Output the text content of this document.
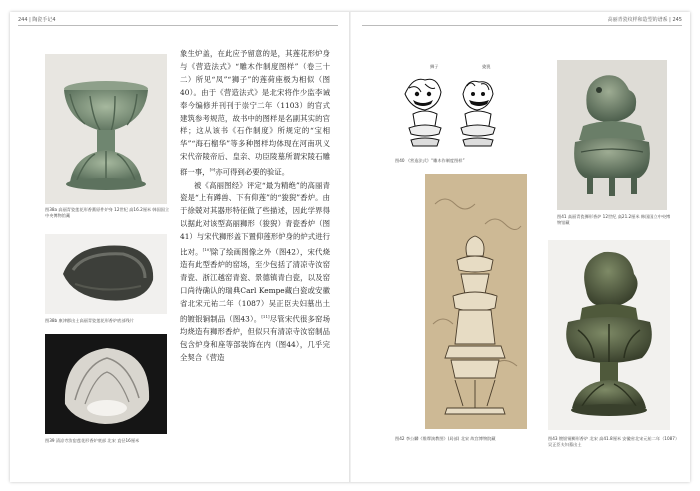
244 | 陶瓷手记4	高丽青瓷纹样和造型的谱系 | 245
图38a 高丽青瓷莲花形香薰原件炉身 12世纪 高16.2厘米 韩国国立中央博物馆藏
图38b 康津郡出土高丽青瓷莲花形香炉底部残片
图39 清凉寺汝窑莲花形香炉底部 北宋 直径16厘米

象生炉盖，在此应予留意的是，其莲花形炉身与《营造法式》“雕木作制度图样”（卷三十二）所见“凤”“狮子”的莲荷座极为相似（图40）。由于《营造法式》是北宋将作少监李诫奉今编修并刊刊于崇宁二年（1103）的官式建筑参考规范，故书中的图样是名副其实的官样；这从该书《石作制度》所规定的“宝相华”“海石榴华”等多种图样均体现在河南巩义宋代帝陵帝后、皇亲、功臣陵墓所谓宋陵石雕群一事，[9]亦可得到必要的验证。

被《高丽图经》评定“最为精绝”的高丽青瓷是“上有蹲兽、下有仰莲”的“狻猊”香炉。由于徐兢对其器形特征做了些描述，因此学界得以据此对该型高丽狮形（狻猊）青瓷香炉（图41）与宋代狮形盖下置仰莲形炉身的炉式进行比对。[10]除了绘画图像之外（图42），宋代烧造有此型香炉的窑场，至少包括了清凉寺汝窑青瓷、浙江越窑青瓷、景德镇青白瓷，以及窑口尚待确认的瑞典Carl Kempe藏白瓷或安徽省北宋元祐二年（1087）吴正臣夫妇墓出土的镀银铜制品（图43）。[11]尽管宋代很多窑场均烧造有狮形香炉，但似只有清凉寺汝窑制品包含炉身和座等部装饰在内（图44），几乎完全契合《营造

狮子	狻猊
图40 《营造法式》“雕木作制度图样”
图41 高丽青瓷狮形香炉 12世纪 高21.2厘米 韩国国立中央博物馆藏
图42 李公麟《维摩演教图》(局部) 北宋 故宫博物院藏	图43 镀银铜狮形香炉 北宋 高41.8厘米 安徽省北宋元祐二年（1087）吴正臣夫妇墓出土
